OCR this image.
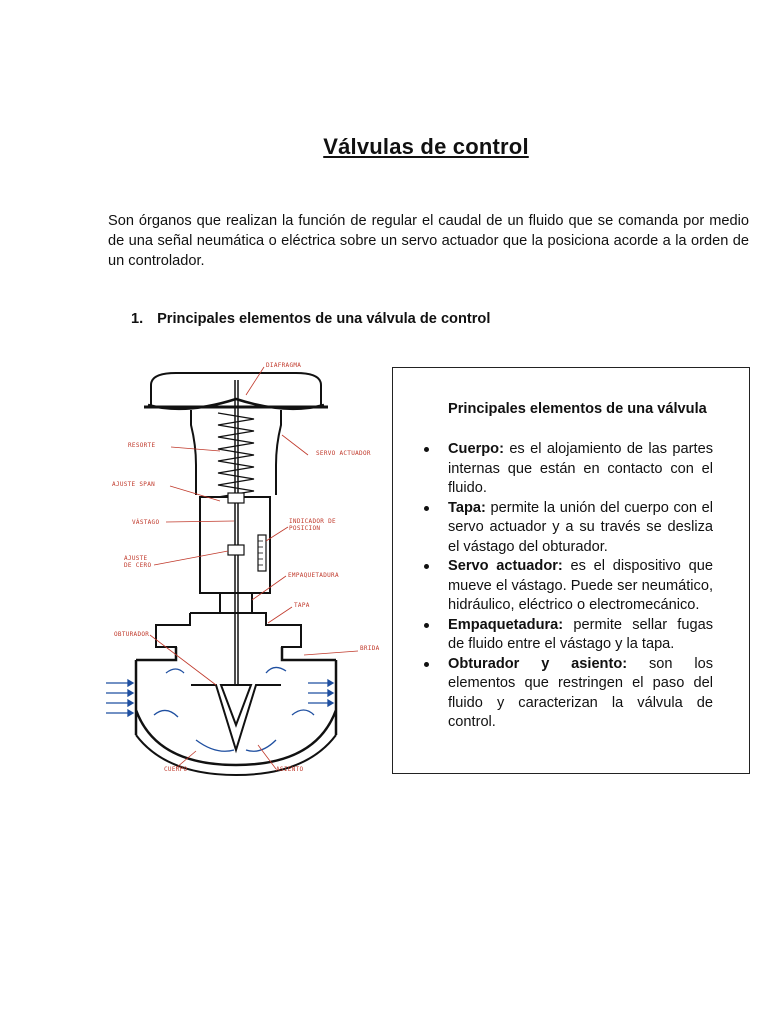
Válvulas de control
Son órganos que realizan la función de regular el caudal de un fluido que se comanda por medio de una señal neumática o eléctrica sobre un servo actuador que la posiciona acorde a la orden de un controlador.
1. Principales elementos de una válvula de control
DIAFRAGMA
RESORTE
SERVO ACTUADOR
AJUSTE SPAN
VÁSTAGO	INDICADOR DE
POSICION
AJUSTE
DE CERO
EMPAQUETADURA
TAPA
OBTURADOR
BRIDA
CUERPO	ASIENTO
Principales elementos de una válvula
Cuerpo: es el alojamiento de las partes internas que están en contacto con el fluido.
Tapa: permite la unión del cuerpo con el servo actuador y a su través se desliza el vástago del obturador.
Servo actuador: es el dispositivo que mueve el vástago. Puede ser neumático, hidráulico, eléctrico o electromecánico.
Empaquetadura: permite sellar fugas de fluido entre el vástago y la tapa.
Obturador y asiento: son los elementos que restringen el paso del fluido y caracterizan la válvula de control.
